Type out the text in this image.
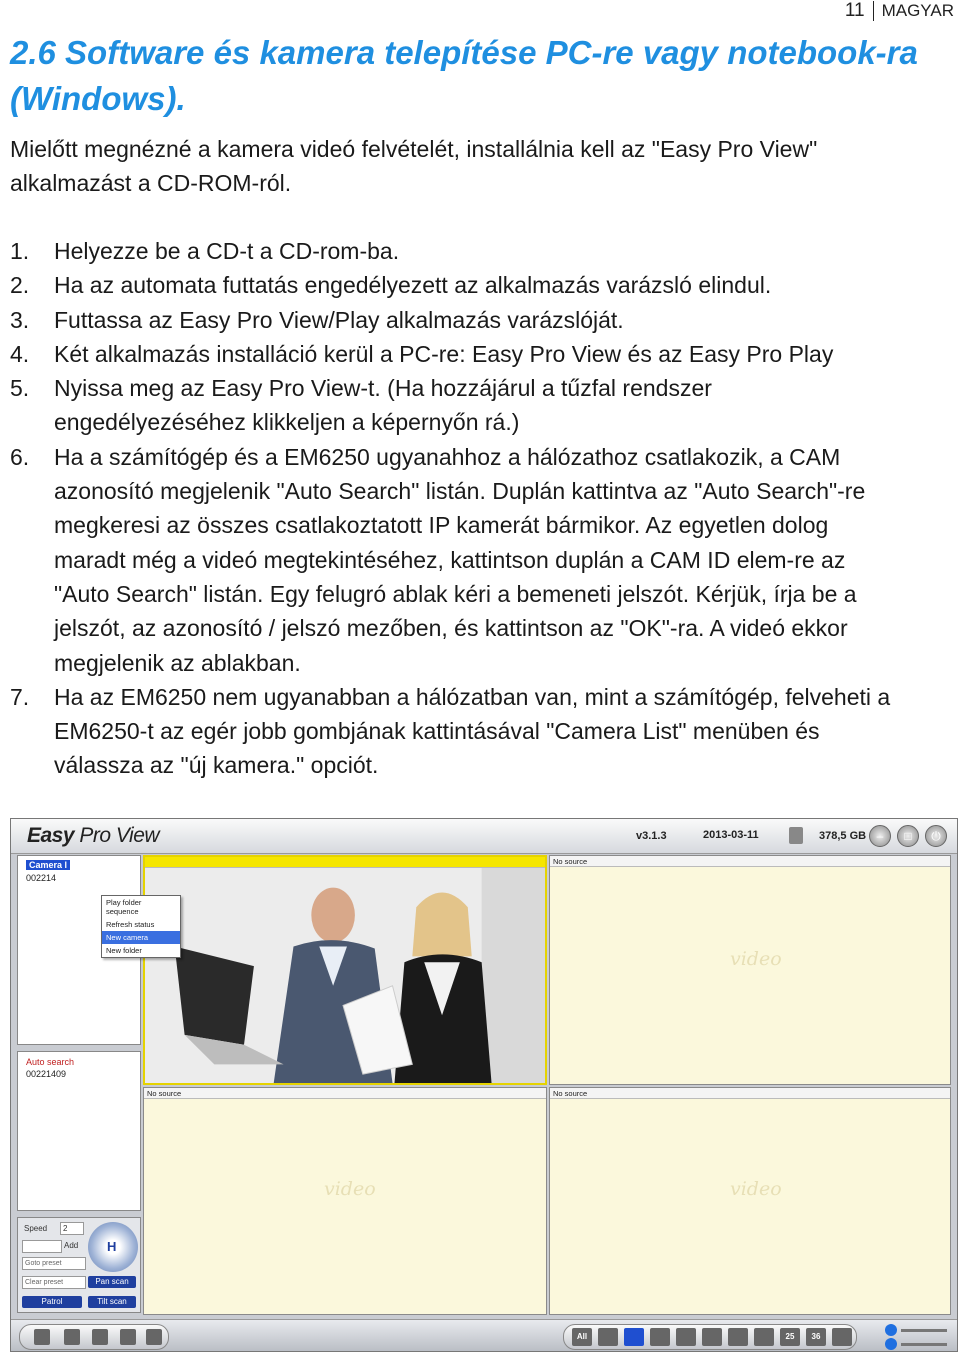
11	MAGYAR
2.6 Software és kamera telepítése PC-re vagy notebook-ra (Windows).

Mielőtt megnézné a kamera videó felvételét, installálnia kell az "Easy Pro View"
alkalmazást a CD-ROM-ról.

1.	Helyezze be a CD-t a CD-rom-ba.
2.	Ha az automata futtatás engedélyezett az alkalmazás varázsló elindul.
3.	Futtassa az Easy Pro View/Play alkalmazás varázslóját.
4.	Két alkalmazás installáció kerül a PC-re: Easy Pro View és az Easy Pro Play
5.	Nyissa meg az Easy Pro View-t. (Ha hozzájárul a tűzfal rendszer
engedélyezéséhez klikkeljen a képernyőn rá.)
6.	Ha a számítógép és a EM6250 ugyanahhoz a hálózathoz csatlakozik, a CAM
azonosító megjelenik "Auto Search" listán. Duplán kattintva az "Auto Search"-re
megkeresi az összes csatlakoztatott IP kamerát bármikor. Az egyetlen dolog
maradt még a videó megtekintéséhez, kattintson duplán a CAM ID elem-re az
"Auto Search" listán. Egy felugró ablak kéri a bemeneti jelszót. Kérjük, írja be a
jelszót, az azonosító / jelszó mezőben, és kattintson az "OK"-ra. A videó ekkor
megjelenik az ablakban.
7.	Ha az EM6250 nem ugyanabban a hálózatban van, mint a számítógép, felveheti a
EM6250-t az egér jobb gombjának kattintásával "Camera List" menüben és
válassza az "új kamera." opciót.
Easy Pro View	v3.1.3	2013-03-11	378,5 GB –	□	⏻
Camera l
002214
Play folder sequence
Refresh status
New camera
New folder
Auto search
00221409
Speed	2
Add
Goto preset
Clear preset	Pan scan
Patrol	Tilt scan
H
No source
video
No source
video
No source
video
All	25	36
